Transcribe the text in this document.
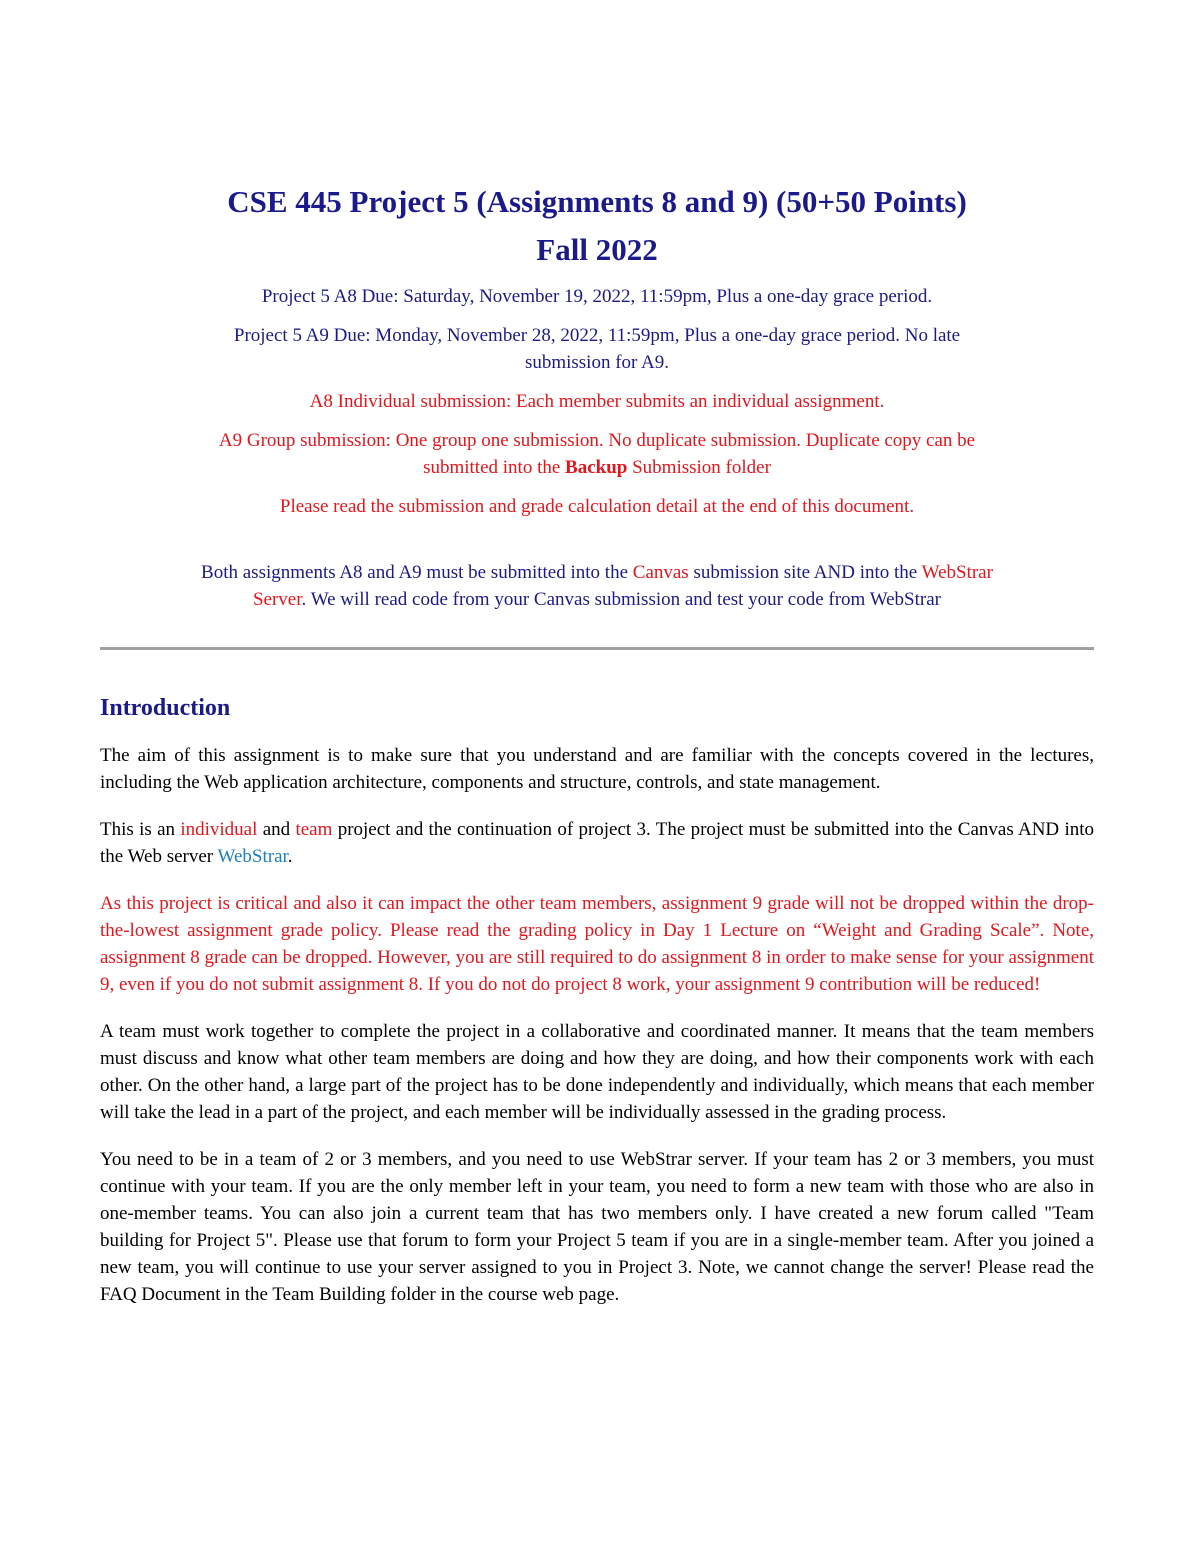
CSE 445 Project 5 (Assignments 8 and 9) (50+50 Points)
Fall 2022

Project 5 A8 Due: Saturday, November 19, 2022, 11:59pm, Plus a one-day grace period.

Project 5 A9 Due: Monday, November 28, 2022, 11:59pm, Plus a one-day grace period. No late
submission for A9.

A8 Individual submission: Each member submits an individual assignment.

A9 Group submission: One group one submission. No duplicate submission. Duplicate copy can be
submitted into the Backup Submission folder

Please read the submission and grade calculation detail at the end of this document.

Both assignments A8 and A9 must be submitted into the Canvas submission site AND into the WebStrar
Server. We will read code from your Canvas submission and test your code from WebStrar

Introduction

The aim of this assignment is to make sure that you understand and are familiar with the concepts covered in the lectures, including the Web application architecture, components and structure, controls, and state management.

This is an individual and team project and the continuation of project 3. The project must be submitted into the Canvas AND into the Web server WebStrar.

As this project is critical and also it can impact the other team members, assignment 9 grade will not be dropped within the drop-the-lowest assignment grade policy. Please read the grading policy in Day 1 Lecture on “Weight and Grading Scale”. Note, assignment 8 grade can be dropped. However, you are still required to do assignment 8 in order to make sense for your assignment 9, even if you do not submit assignment 8. If you do not do project 8 work, your assignment 9 contribution will be reduced!

A team must work together to complete the project in a collaborative and coordinated manner. It means that the team members must discuss and know what other team members are doing and how they are doing, and how their components work with each other. On the other hand, a large part of the project has to be done independently and individually, which means that each member will take the lead in a part of the project, and each member will be individually assessed in the grading process.

You need to be in a team of 2 or 3 members, and you need to use WebStrar server. If your team has 2 or 3 members, you must continue with your team. If you are the only member left in your team, you need to form a new team with those who are also in one-member teams. You can also join a current team that has two members only. I have created a new forum called "Team building for Project 5". Please use that forum to form your Project 5 team if you are in a single-member team. After you joined a new team, you will continue to use your server assigned to you in Project 3. Note, we cannot change the server! Please read the FAQ Document in the Team Building folder in the course web page.
